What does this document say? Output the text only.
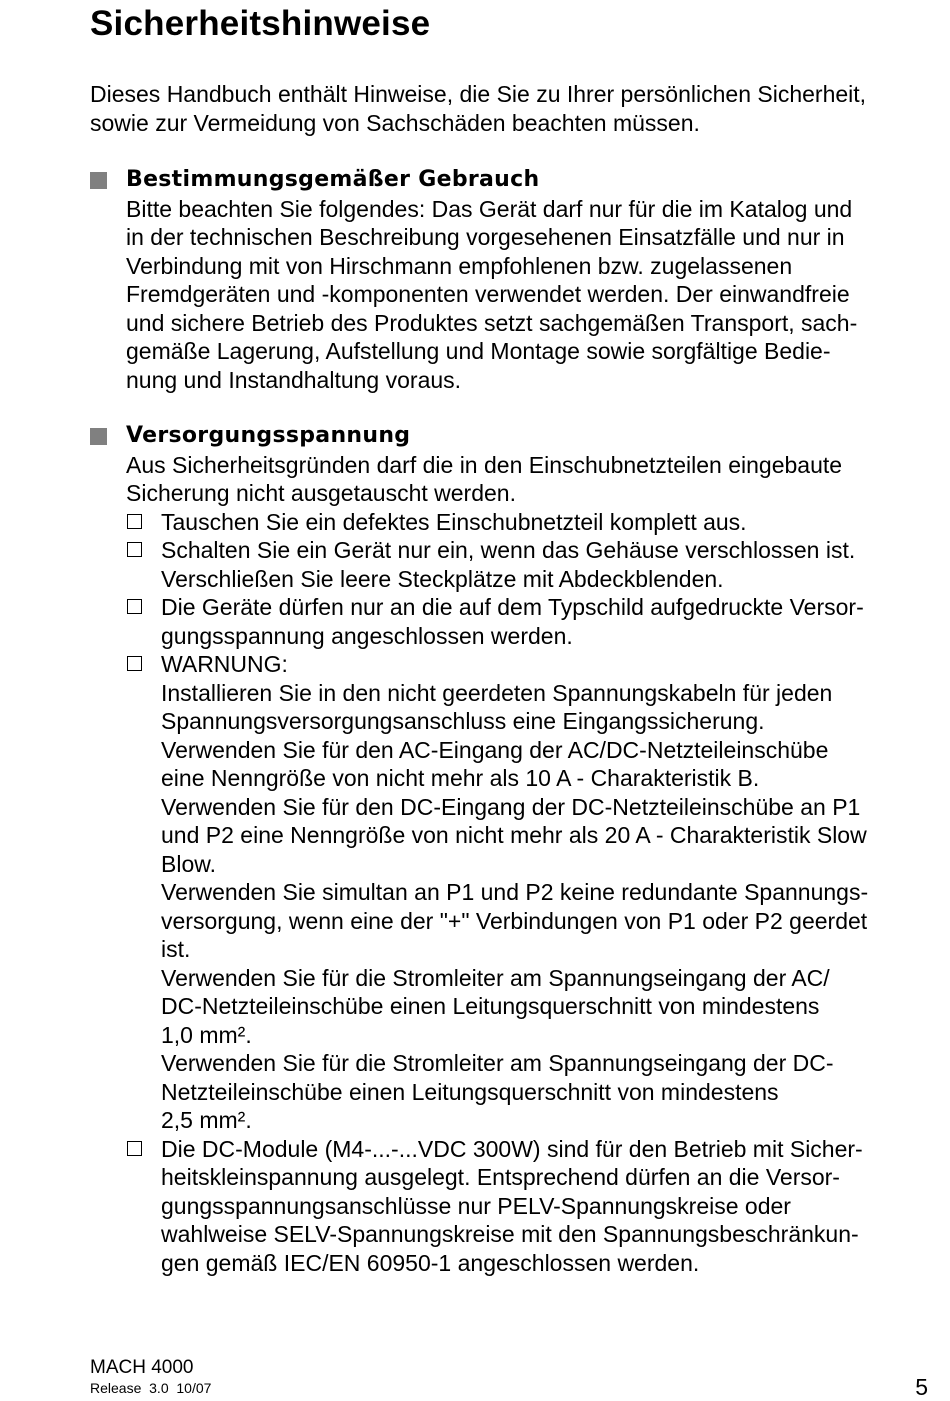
Sicherheitshinweise

Dieses Handbuch enthält Hinweise, die Sie zu Ihrer persönlichen Sicherheit,
sowie zur Vermeidung von Sachschäden beachten müssen.

Bestimmungsgemäßer Gebrauch

Bitte beachten Sie folgendes: Das Gerät darf nur für die im Katalog und
in der technischen Beschreibung vorgesehenen Einsatzfälle und nur in
Verbindung mit von Hirschmann empfohlenen bzw. zugelassenen
Fremdgeräten und -komponenten verwendet werden. Der einwandfreie
und sichere Betrieb des Produktes setzt sachgemäßen Transport, sach-
gemäße Lagerung, Aufstellung und Montage sowie sorgfältige Bedie-
nung und Instandhaltung voraus.

Versorgungsspannung

Aus Sicherheitsgründen darf die in den Einschubnetzteilen eingebaute
Sicherung nicht ausgetauscht werden.

Tauschen Sie ein defektes Einschubnetzteil komplett aus.
Schalten Sie ein Gerät nur ein, wenn das Gehäuse verschlossen ist.
Verschließen Sie leere Steckplätze mit Abdeckblenden.
Die Geräte dürfen nur an die auf dem Typschild aufgedruckte Versor-
gungsspannung angeschlossen werden.
WARNUNG:
Installieren Sie in den nicht geerdeten Spannungskabeln für jeden
Spannungsversorgungsanschluss eine Eingangssicherung.
Verwenden Sie für den AC-Eingang der AC/DC-Netzteileinschübe
eine Nenngröße von nicht mehr als 10 A - Charakteristik B.
Verwenden Sie für den DC-Eingang der DC-Netzteileinschübe an P1
und P2 eine Nenngröße von nicht mehr als 20 A - Charakteristik Slow
Blow.
Verwenden Sie simultan an P1 und P2 keine redundante Spannungs-
versorgung, wenn eine der "+" Verbindungen von P1 oder P2 geerdet
ist.
Verwenden Sie für die Stromleiter am Spannungseingang der AC/
DC-Netzteileinschübe einen Leitungsquerschnitt von mindestens
1,0 mm².
Verwenden Sie für die Stromleiter am Spannungseingang der DC-
Netzteileinschübe einen Leitungsquerschnitt von mindestens
2,5 mm².
Die DC-Module (M4-...-...VDC 300W) sind für den Betrieb mit Sicher-
heitskleinspannung ausgelegt. Entsprechend dürfen an die Versor-
gungsspannungsanschlüsse nur PELV-Spannungskreise oder
wahlweise SELV-Spannungskreise mit den Spannungsbeschränkun-
gen gemäß IEC/EN 60950-1 angeschlossen werden.
MACH 4000
Release  3.0  10/07	5
